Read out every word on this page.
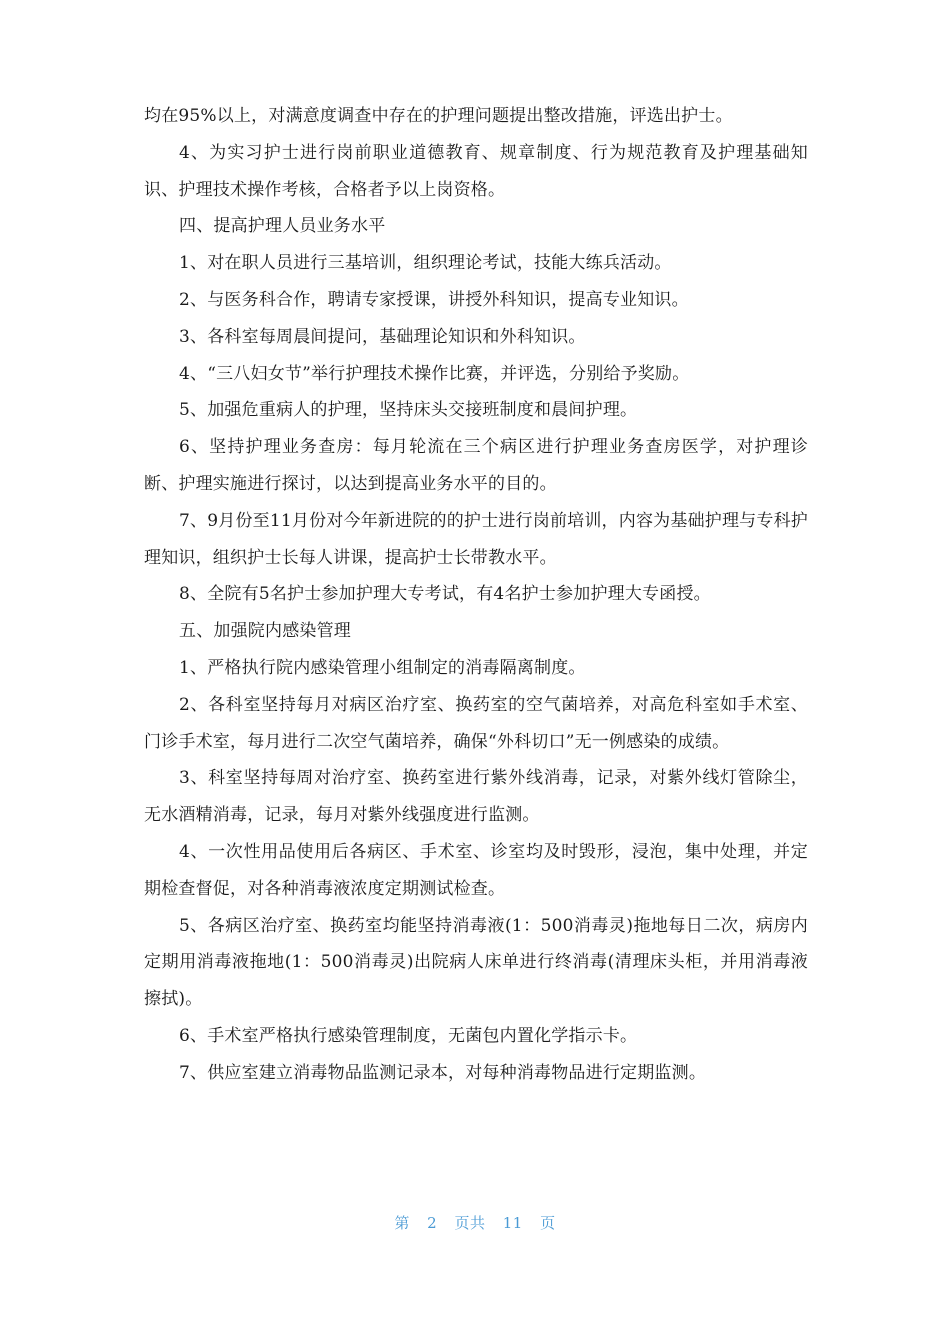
均在95%以上，对满意度调查中存在的护理问题提出整改措施，评选出护士。

4、为实习护士进行岗前职业道德教育、规章制度、行为规范教育及护理基础知识、护理技术操作考核，合格者予以上岗资格。

四、提高护理人员业务水平

1、对在职人员进行三基培训，组织理论考试，技能大练兵活动。

2、与医务科合作，聘请专家授课，讲授外科知识，提高专业知识。

3、各科室每周晨间提问，基础理论知识和外科知识。

4、“三八妇女节”举行护理技术操作比赛，并评选，分别给予奖励。

5、加强危重病人的护理，坚持床头交接班制度和晨间护理。

6、坚持护理业务查房：每月轮流在三个病区进行护理业务查房医学，对护理诊断、护理实施进行探讨，以达到提高业务水平的目的。

7、9月份至11月份对今年新进院的的护士进行岗前培训，内容为基础护理与专科护理知识，组织护士长每人讲课，提高护士长带教水平。

8、全院有5名护士参加护理大专考试，有4名护士参加护理大专函授。

五、加强院内感染管理

1、严格执行院内感染管理小组制定的消毒隔离制度。

2、各科室坚持每月对病区治疗室、换药室的空气菌培养，对高危科室如手术室、门诊手术室，每月进行二次空气菌培养，确保“外科切口”无一例感染的成绩。

3、科室坚持每周对治疗室、换药室进行紫外线消毒，记录，对紫外线灯管除尘，无水酒精消毒，记录，每月对紫外线强度进行监测。

4、一次性用品使用后各病区、手术室、诊室均及时毁形，浸泡，集中处理，并定期检查督促，对各种消毒液浓度定期测试检查。

5、各病区治疗室、换药室均能坚持消毒液(1：500消毒灵)拖地每日二次，病房内定期用消毒液拖地(1：500消毒灵)出院病人床单进行终消毒(清理床头柜，并用消毒液擦拭)。

6、手术室严格执行感染管理制度，无菌包内置化学指示卡。

7、供应室建立消毒物品监测记录本，对每种消毒物品进行定期监测。

第 2 页共 11 页
